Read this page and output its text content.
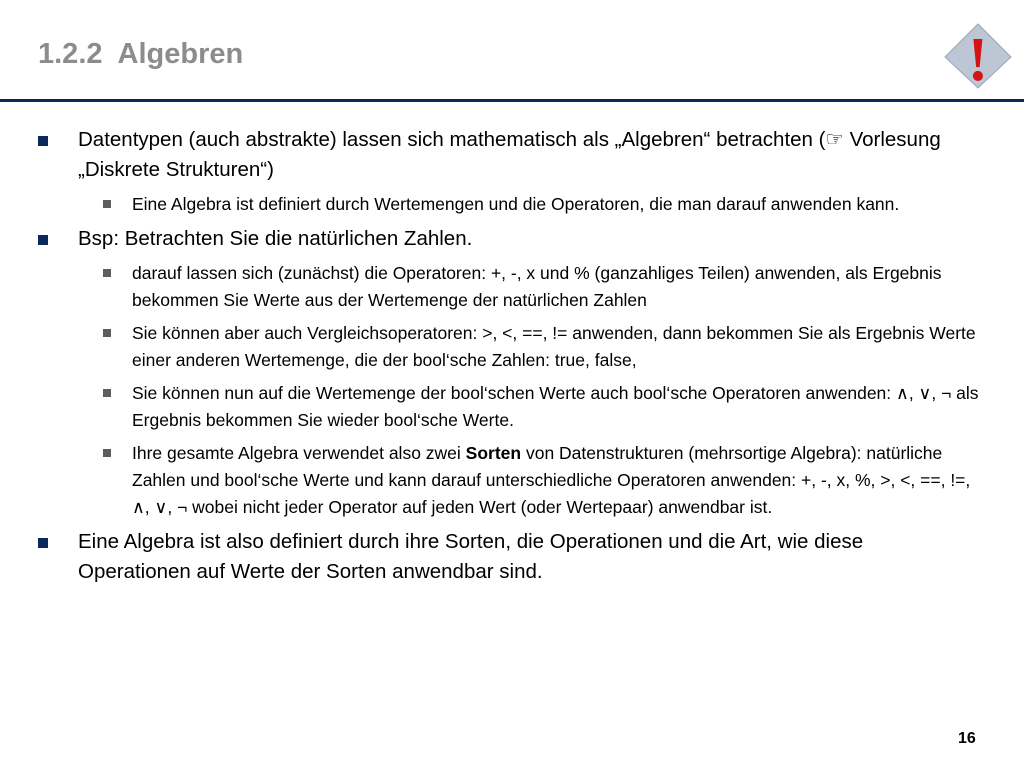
1.2.2  Algebren	!
Datentypen (auch abstrakte) lassen sich mathematisch als „Algebren“ betrachten (☞ Vorlesung „Diskrete Strukturen“)
Eine Algebra ist definiert durch Wertemengen und die Operatoren, die man darauf anwenden kann.
Bsp: Betrachten Sie die natürlichen Zahlen.
darauf lassen sich (zunächst) die Operatoren: +, -, x und % (ganzahliges Teilen) anwenden, als Ergebnis bekommen Sie Werte aus der Wertemenge der natürlichen Zahlen
Sie können aber auch Vergleichsoperatoren: >, <, ==, != anwenden, dann bekommen Sie als Ergebnis Werte einer anderen Wertemenge, die der bool‘sche Zahlen: true, false,
Sie können nun auf die Wertemenge der bool‘schen Werte auch bool‘sche Operatoren anwenden: ∧, ∨, ¬ als Ergebnis bekommen Sie wieder bool‘sche Werte.
Ihre gesamte Algebra verwendet also zwei Sorten von Datenstrukturen (mehrsortige Algebra): natürliche Zahlen und bool‘sche Werte und kann darauf unterschiedliche Operatoren anwenden: +, -, x, %, >, <, ==, !=, ∧, ∨, ¬ wobei nicht jeder Operator auf jeden Wert (oder Wertepaar) anwendbar ist.
Eine Algebra ist also definiert durch ihre Sorten, die Operationen und die Art, wie diese Operationen auf Werte der Sorten anwendbar sind.
16
